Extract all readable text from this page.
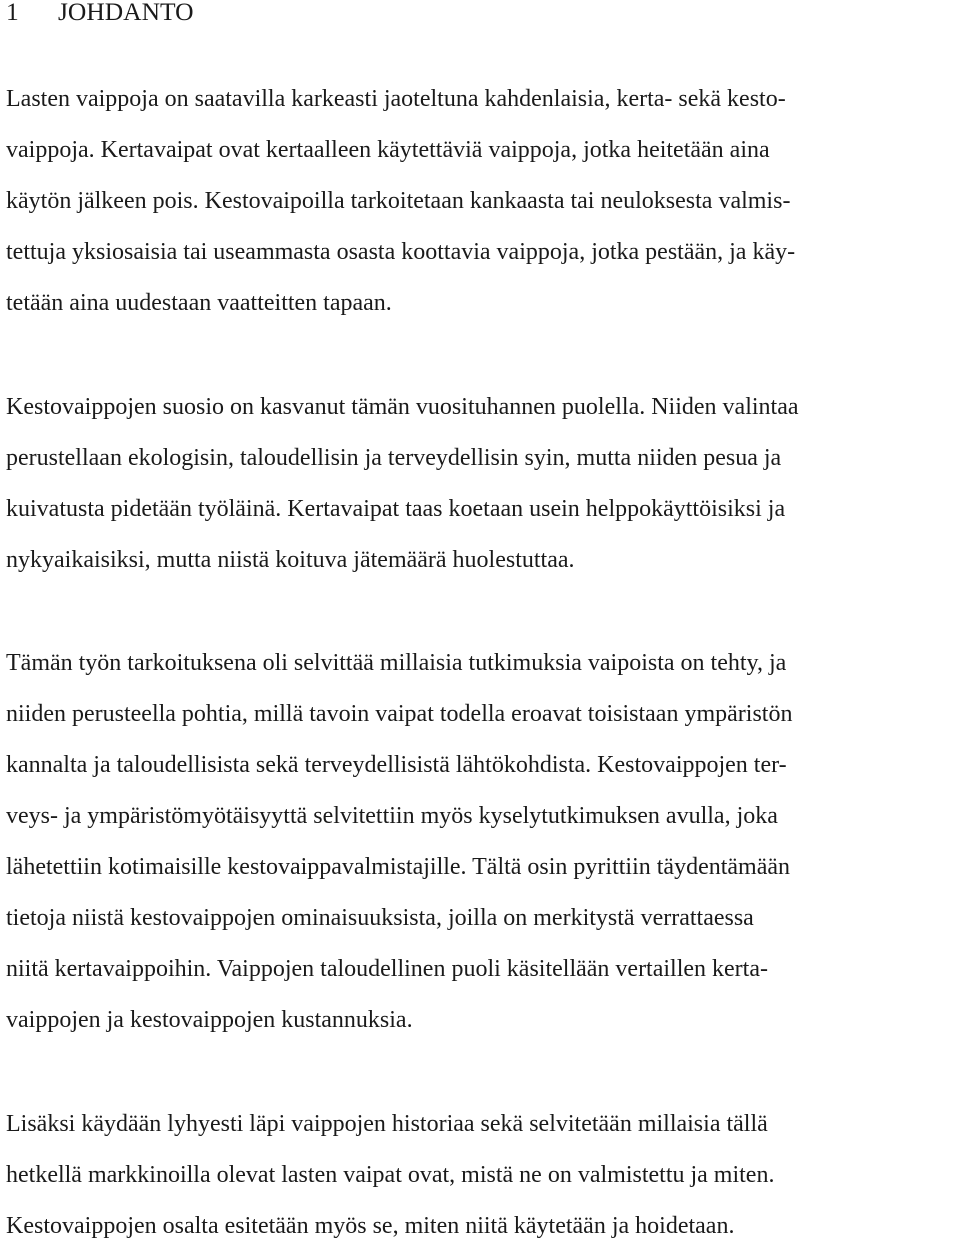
1 JOHDANTO

Lasten vaippoja on saatavilla karkeasti jaoteltuna kahdenlaisia, kerta- sekä kesto-

vaippoja. Kertavaipat ovat kertaalleen käytettäviä vaippoja, jotka heitetään aina

käytön jälkeen pois. Kestovaipoilla tarkoitetaan kankaasta tai neuloksesta valmis-

tettuja yksiosaisia tai useammasta osasta koottavia vaippoja, jotka pestään, ja käy-

tetään aina uudestaan vaatteitten tapaan.

Kestovaippojen suosio on kasvanut tämän vuosituhannen puolella. Niiden valintaa

perustellaan ekologisin, taloudellisin ja terveydellisin syin, mutta niiden pesua ja

kuivatusta pidetään työläinä. Kertavaipat taas koetaan usein helppokäyttöisiksi ja

nykyaikaisiksi, mutta niistä koituva jätemäärä huolestuttaa.

Tämän työn tarkoituksena oli selvittää millaisia tutkimuksia vaipoista on tehty, ja

niiden perusteella pohtia, millä tavoin vaipat todella eroavat toisistaan ympäristön

kannalta ja taloudellisista sekä terveydellisistä lähtökohdista. Kestovaippojen ter-

veys- ja ympäristömyötäisyyttä selvitettiin myös kyselytutkimuksen avulla, joka

lähetettiin kotimaisille kestovaippavalmistajille. Tältä osin pyrittiin täydentämään

tietoja niistä kestovaippojen ominaisuuksista, joilla on merkitystä verrattaessa

niitä kertavaippoihin. Vaippojen taloudellinen puoli käsitellään vertaillen kerta-

vaippojen ja kestovaippojen kustannuksia.

Lisäksi käydään lyhyesti läpi vaippojen historiaa sekä selvitetään millaisia tällä

hetkellä markkinoilla olevat lasten vaipat ovat, mistä ne on valmistettu ja miten.

Kestovaippojen osalta esitetään myös se, miten niitä käytetään ja hoidetaan.
